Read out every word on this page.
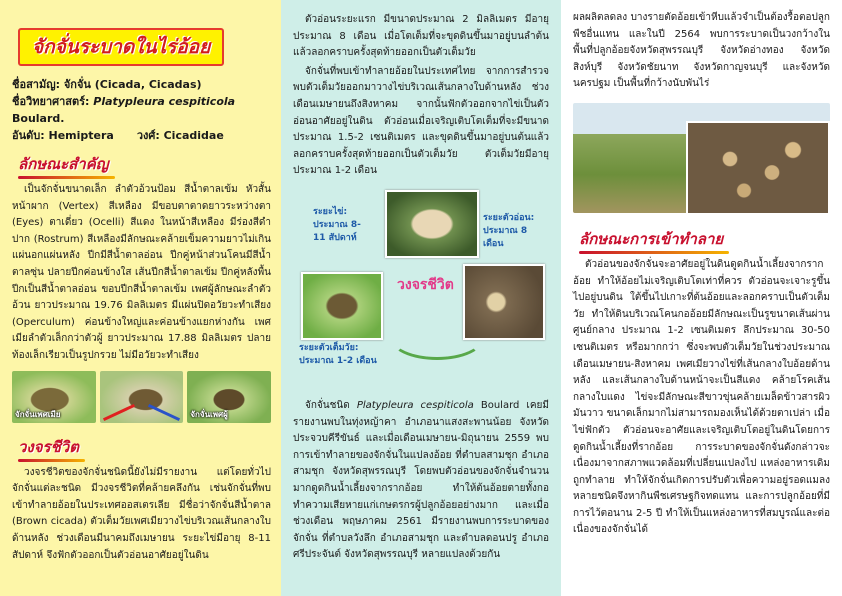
จักจั่นระบาดในไร่อ้อย
ชื่อสามัญ: จักจั่น (Cicada, Cicadas)
ชื่อวิทยาศาสตร์: Platypleura cespiticola Boulard.
อันดับ: Hemiptera วงศ์: Cicadidae
ลักษณะสำคัญ

เป็นจักจั่นขนาดเล็ก ลำตัวอ้วนป้อม สีน้ำตาลเข้ม หัวสั้น หน้าผาก (Vertex) สีเหลือง มีขอบตาตาดยาวระหว่างตา (Eyes) ตาเดี่ยว (Ocelli) สีแดง ในหน้าสีเหลือง มีร่องสีดำ ปาก (Rostrum) สีเหลืองมีลักษณะคล้ายเข็มความยาวไม่เกินแผ่นอกแผ่นหลัง ปีกมีสีน้ำตาลอ่อน ปีกคู่หน้าส่วนโคนมีสีน้ำตาลซุ่น ปลายปีกค่อนข้างใส เส้นปีกสีน้ำตาลเข้ม ปีกคู่หลังพื้นปีกเป็นสีน้ำตาลอ่อน ขอบปีกสีน้ำตาลเข้ม เพศผู้ลักษณะลำตัวอ้วน ยาวประมาณ 19.76 มิลลิเมตร มีแผ่นปิดอวัยวะทำเสียง (Operculum) ค่อนข้างใหญ่และค่อนข้างแยกห่างกัน เพศเมียลำตัวเล็กกว่าตัวผู้ ยาวประมาณ 17.88 มิลลิเมตร ปลายท้องเล็กเรียวเป็นรูปกรวย ไม่มีอวัยวะทำเสียง

จักจั่นเพศเมีย	จักจั่นเพศผู้
วงจรชีวิต

วงจรชีวิตของจักจั่นชนิดนี้ยังไม่มีรายงาน แต่โดยทั่วไปจักจั่นแต่ละชนิด มีวงจรชีวิตที่คล้ายคลึงกัน เช่นจักจั่นที่พบเข้าทำลายอ้อยในประเทศออสเตรเลีย มีชื่อว่าจักจั่นสีน้ำตาล (Brown cicada) ตัวเต็มวัยเพศเมียวางไข่บริเวณเส้นกลางใบด้านหลัง ช่วงเดือนมีนาคมถึงเมษายน ระยะไข่มีอายุ 8-11 สัปดาห์ จึงฟักตัวออกเป็นตัวอ่อนอาศัยอยู่ในดิน

ตัวอ่อนระยะแรก มีขนาดประมาณ 2 มิลลิเมตร มีอายุประมาณ 8 เดือน เมื่อโตเต็มที่จะขุดดินขึ้นมาอยู่บนลำต้นแล้วลอกคราบครั้งสุดท้ายออกเป็นตัวเต็มวัย

จักจั่นที่พบเข้าทำลายอ้อยในประเทศไทย จากการสำรวจพบตัวเต็มวัยออกมาวางไข่บริเวณเส้นกลางใบด้านหลัง ช่วงเดือนเมษายนถึงสิงหาคม จากนั้นฟักตัวออกจากไข่เป็นตัวอ่อนอาศัยอยู่ในดิน ตัวอ่อนเมื่อเจริญเติบโตเต็มที่จะมีขนาดประมาณ 1.5-2 เซนติเมตร และขุดดินขึ้นมาอยู่บนต้นแล้วลอกคราบครั้งสุดท้ายออกเป็นตัวเต็มวัย ตัวเต็มวัยมีอายุประมาณ 1-2 เดือน

ระยะไข่:
ประมาณ 8-11 สัปดาห์
ระยะตัวอ่อน:
ประมาณ 8 เดือน
วงจรชีวิต
ระยะตัวเต็มวัย:
ประมาณ 1-2 เดือน

จักจั่นชนิด Platypleura cespiticola Boulard เคยมีรายงานพบในทุ่งหญ้าคา อำเภอนาแสงสะพานน้อย จังหวัดประจวบคีรีขันธ์ และเมื่อเดือนเมษายน-มิถุนายน 2559 พบการเข้าทำลายของจักจั่นในแปลงอ้อย ที่ตำบลสามชุก อำเภอสามชุก จังหวัดสุพรรณบุรี โดยพบตัวอ่อนของจักจั่นจำนวนมากดูดกินน้ำเลี้ยงจากรากอ้อย ทำให้ต้นอ้อยตายทั้งกอ ทำความเสียหายแก่เกษตรกรผู้ปลูกอ้อยอย่างมาก และเมื่อช่วงเดือน พฤษภาคม 2561 มีรายงานพบการระบาดของจักจั่น ที่ตำบลวังลึก อำเภอสามชุก และตำบลดอนปรู อำเภอศรีประจันต์ จังหวัดสุพรรณบุรี หลายแปลงด้วยกัน

ผลผลิตลดลง บางรายตัดอ้อยเข้าหีบแล้วจำเป็นต้องรื้อตอปลูกพืชอื่นแทน และในปี 2564 พบการระบาดเป็นวงกว้างในพื้นที่ปลูกอ้อยจังหวัดสุพรรณบุรี จังหวัดอ่างทอง จังหวัดสิงห์บุรี จังหวัดชัยนาท จังหวัดกาญจนบุรี และจังหวัดนครปฐม เป็นพื้นที่กว้างนับพันไร่

ลักษณะการเข้าทำลาย

ตัวอ่อนของจักจั่นจะอาศัยอยู่ในดินดูดกินน้ำเลี้ยงจากรากอ้อย ทำให้อ้อยไม่เจริญเติบโตเท่าที่ควร ตัวอ่อนจะเจาะรูขึ้นไปอยู่บนดิน ใต้ขึ้นไปเกาะที่ต้นอ้อยและลอกคราบเป็นตัวเต็มวัย ทำให้ดินบริเวณโคนกออ้อยมีลักษณะเป็นรูขนาดเส้นผ่านศูนย์กลาง ประมาณ 1-2 เซนติเมตร ลึกประมาณ 30-50 เซนติเมตร หรือมากกว่า ซึ่งจะพบตัวเต็มวัยในช่วงประมาณเดือนเมษายน-สิงหาคม เพศเมียวางไข่ที่เส้นกลางใบอ้อยด้านหลัง และเส้นกลางใบด้านหน้าจะเป็นสีแดง คล้ายโรคเส้นกลางใบแดง ไข่จะมีลักษณะสีขาวขุ่นคล้ายเมล็ดข้าวสารผิวมันวาว ขนาดเล็กมากไม่สามารถมองเห็นได้ด้วยตาเปล่า เมื่อไข่ฟักตัว ตัวอ่อนจะอาศัยและเจริญเติบโตอยู่ในดินโดยการดูดกินน้ำเลี้ยงที่รากอ้อย การระบาดของจักจั่นดังกล่าวจะเนื่องมาจากสภาพแวดล้อมที่เปลี่ยนแปลงไป แหล่งอาหารเดิมถูกทำลาย ทำให้จักจั่นเกิดการปรับตัวเพื่อความอยู่รอดแมลงหลายชนิดจึงหากินพืชเศรษฐกิจทดแทน และการปลูกอ้อยที่มีการไว้ตอนาน 2-5 ปี ทำให้เป็นแหล่งอาหารที่สมบูรณ์และต่อเนื่องของจักจั่นได้
